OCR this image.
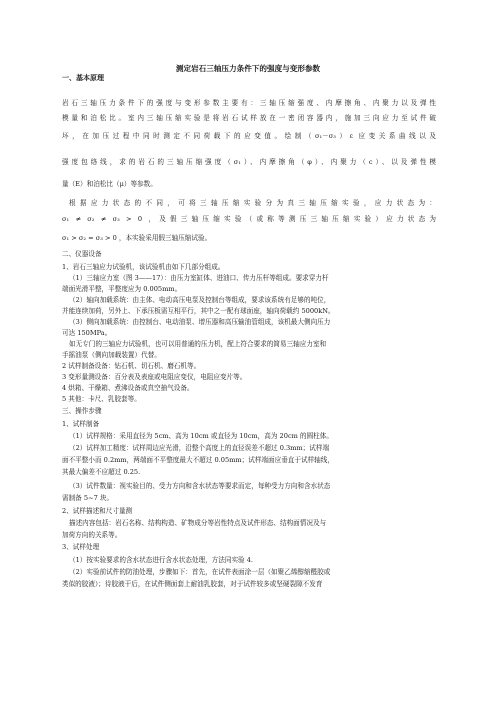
测定岩石三轴压力条件下的强度与变形参数
一、基本原理
岩石三轴压力条件下的强度与变形参数主要有：三轴压缩强度、内摩擦角、内聚力以及弹性
模量和泊松比。室内三轴压缩实验是将岩石试样放在一密闭容器内，施加三向应力至试件破
坏，在加压过程中同时测定不同荷载下的应变值。绘制（σ₁－σ₃）ε 应变关系曲线以及
强度包络线，求的岩石的三轴压缩强度（σ₁）、内摩擦角（φ）、内聚力（c）、以及弹性模
量（E）和泊松比（μ）等参数。
根据应力状态的不同，可将三轴压缩实验分为真三轴压缩实验，应力状态为：
σ₁ ≠ σ₂ ≠ σ₃ > 0 ，及假三轴压缩实验（或称等测压三轴压缩实验）应力状态为
σ₁ > σ₂ = σ₃ > 0 ，本实验采用假三轴压缩试验。
二、仪器设备
1、岩石三轴应力试验机，该试验机由如下几部分组成。
（1）三轴应力室（图 3——17）：由压力室缸体、进油口、传力压杆等组成。要求穿力杆
端面光滑平整，平整度应为 0.005mm。
（2）轴向加载系统：由主体、电动高压电泵及控制台等组成，要求该系统有足够的吨位，
并能连续加荷，另外上、下承压板需互相平行，其中之一配有球面座，轴向荷载约 5000kN。
（3）侧向加载系统：由控制台、电动油泵、增压器和高压输油管组成，该机最大侧向压力
可达 150MPa。
如无专门的三轴应力试验机，也可以用普通的压力机，配上符合要求的简易三轴应力室和
手摇油泵（侧向加载装置）代替。
2 试样制备设备：钻石机、切石机、磨石机等。
3 变形量测设备：百分表及表座或电阻应变仪，电阻应变片等。
4 烘箱、干燥箱、煮沸设备或真空抽气设备。
5 其他：卡尺、乳胶套等。
三、操作步骤
1、试样制备
（1）试样规格：采用直径为 5cm、高为 10cm 或直径为 10cm，高为 20cm 的圆柱体。
（2）试样加工精度：试样周边应光滑，沿整个高度上的直径误差不超过 0.3mm；试样端
面不平整小而 0.2mm，两端面不平整度最大不超过 0.05mm；试样端面应垂直于试样轴线，
其最大偏差不应超过 0.25.
（3）试件数量：视实验目的、受力方向和含水状态等要求而定，每种受力方向和含水状态
需制备 5~7 块。
2、试样描述和尺寸量测
描述内容包括：岩石名称、结构构造、矿物成分等岩性特点及试件形态、结构面情况及与
加荷方向的关系等。
3、试样处理
（1）按实验要求的含水状态进行含水状态处理，方法同实验 4.
（2）实验前试件的防油处理，步骤如下：首先，在试件表面涂一层（如聚乙烯醇缩醛胶或
类似的胶液）；待胶液干后，在试件侧面套上耐油乳胶套，对于试件较多或坚硬裂隙不发育
